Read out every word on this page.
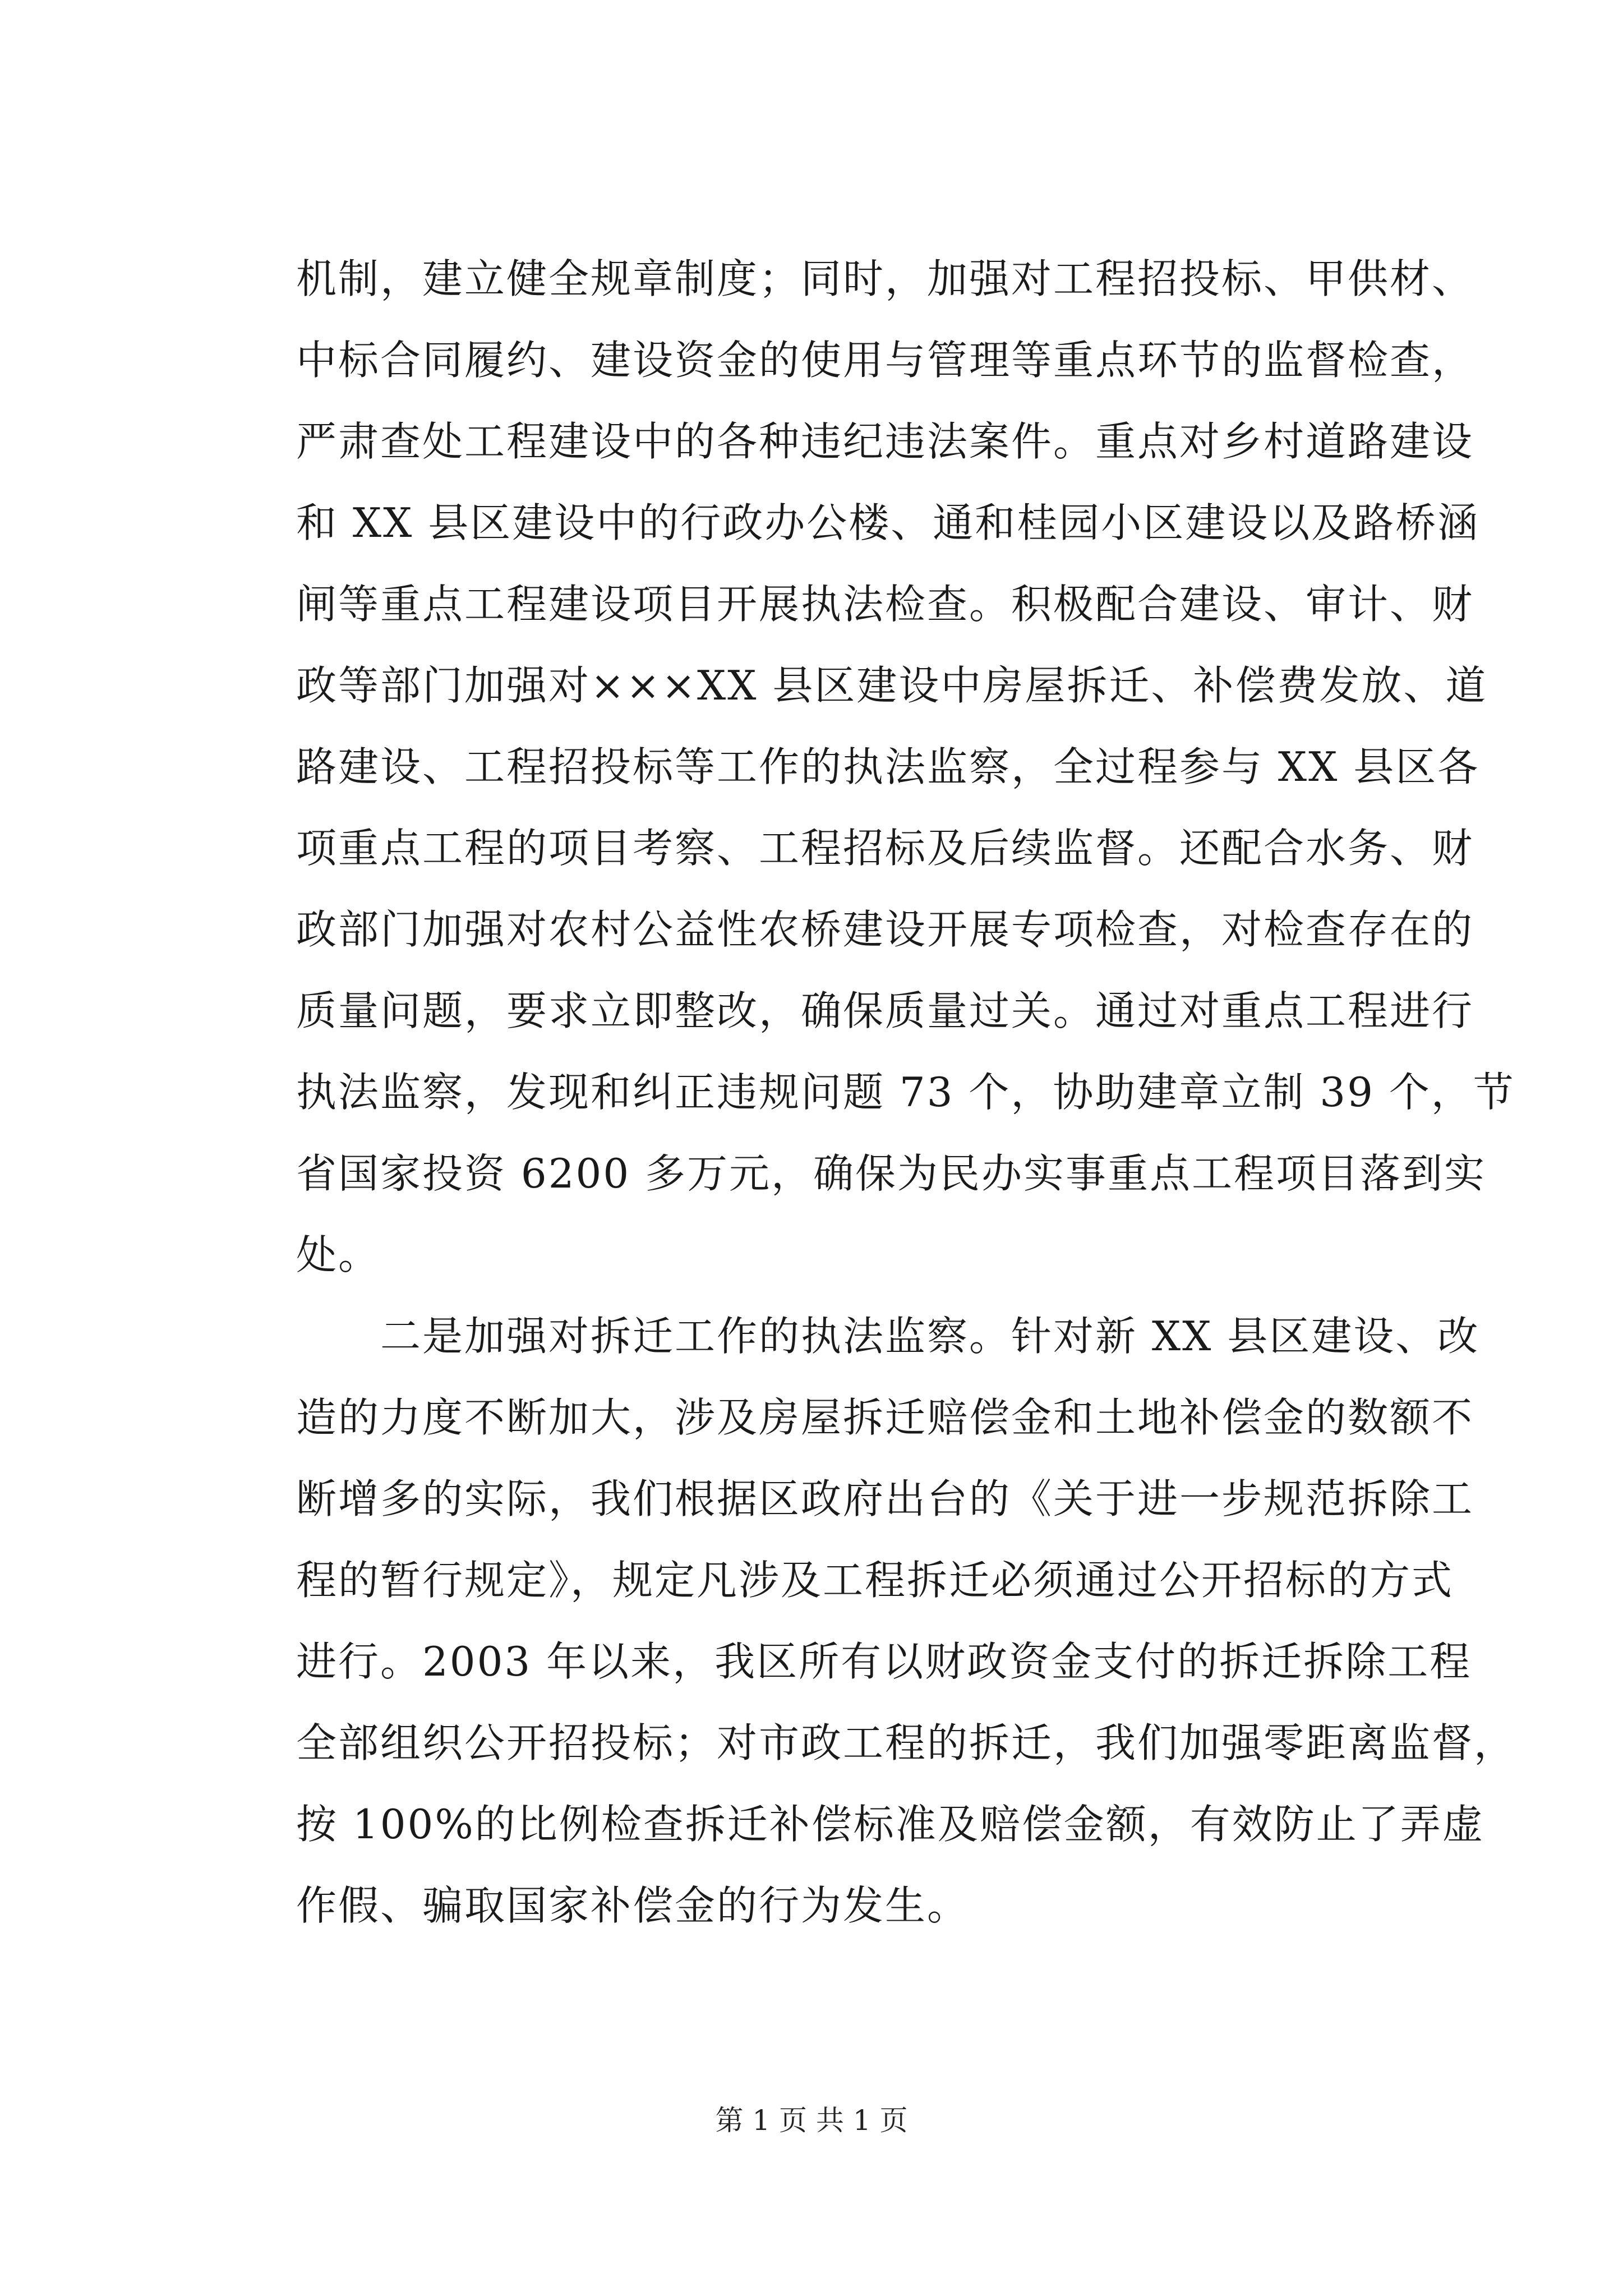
机制，建立健全规章制度；同时，加强对工程招投标、甲供材、
中标合同履约、建设资金的使用与管理等重点环节的监督检查，
严肃查处工程建设中的各种违纪违法案件。重点对乡村道路建设
和 XX 县区建设中的行政办公楼、通和桂园小区建设以及路桥涵
闸等重点工程建设项目开展执法检查。积极配合建设、审计、财
政等部门加强对×××XX 县区建设中房屋拆迁、补偿费发放、道
路建设、工程招投标等工作的执法监察，全过程参与 XX 县区各
项重点工程的项目考察、工程招标及后续监督。还配合水务、财
政部门加强对农村公益性农桥建设开展专项检查，对检查存在的
质量问题，要求立即整改，确保质量过关。通过对重点工程进行
执法监察，发现和纠正违规问题 73 个，协助建章立制 39 个，节
省国家投资 6200 多万元，确保为民办实事重点工程项目落到实
处。
二是加强对拆迁工作的执法监察。针对新 XX 县区建设、改
造的力度不断加大，涉及房屋拆迁赔偿金和土地补偿金的数额不
断增多的实际，我们根据区政府出台的《关于进一步规范拆除工
程的暂行规定》，规定凡涉及工程拆迁必须通过公开招标的方式
进行。2003 年以来，我区所有以财政资金支付的拆迁拆除工程
全部组织公开招投标；对市政工程的拆迁，我们加强零距离监督，
按 100%的比例检查拆迁补偿标准及赔偿金额，有效防止了弄虚
作假、骗取国家补偿金的行为发生。
第 1 页 共 1 页
